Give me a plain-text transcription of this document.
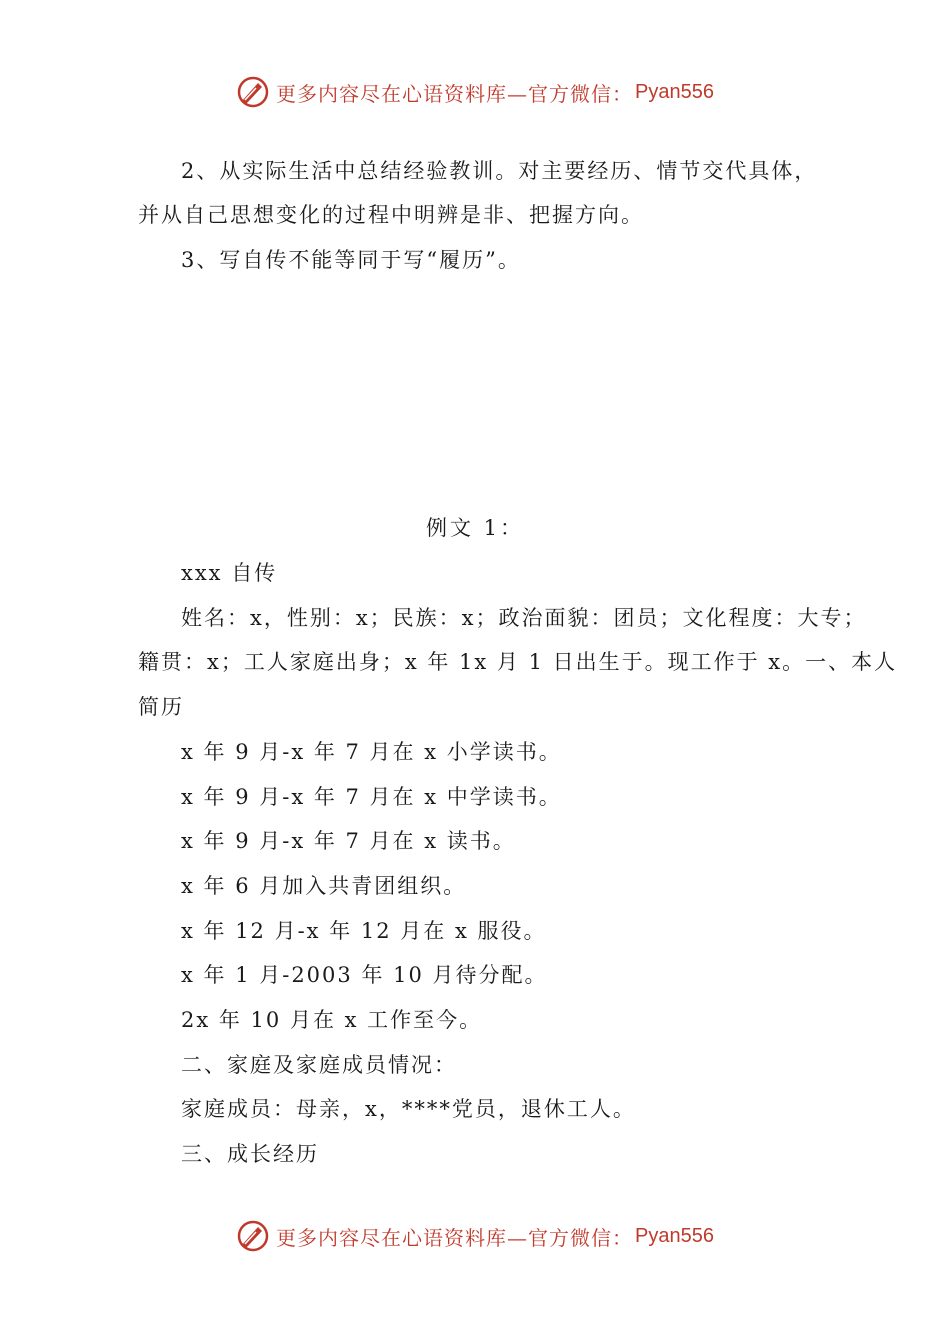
更多内容尽在心语资料库—官方微信： Pyan556
2、从实际生活中总结经验教训。对主要经历、情节交代具体，
并从自己思想变化的过程中明辨是非、把握方向。
3、写自传不能等同于写“履历”。
例文 1：
xxx 自传
姓名：x，性别：x；民族：x；政治面貌：团员；文化程度：大专；
籍贯：x；工人家庭出身；x 年 1x 月 1 日出生于。现工作于 x。一、本人
简历
x 年 9 月-x 年 7 月在 x 小学读书。
x 年 9 月-x 年 7 月在 x 中学读书。
x 年 9 月-x 年 7 月在 x 读书。
x 年 6 月加入共青团组织。
x 年 12 月-x 年 12 月在 x 服役。
x 年 1 月-2003 年 10 月待分配。
2x 年 10 月在 x 工作至今。
二、家庭及家庭成员情况：
家庭成员：母亲，x，****党员，退休工人。
三、成长经历
更多内容尽在心语资料库—官方微信： Pyan556
